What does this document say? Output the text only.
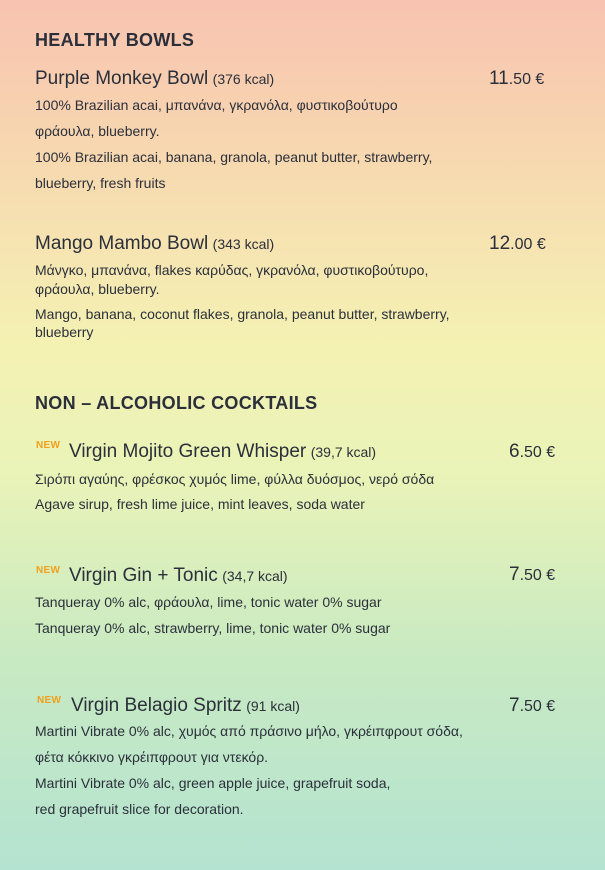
HEALTHY BOWLS
Purple Monkey Bowl (376 kcal)	11.50 €
100% Brazilian acai, μπανάνα, γκρανόλα, φυστικοβούτυρο
φράουλα, blueberry.
100% Brazilian acai, banana, granola, peanut butter, strawberry,
blueberry, fresh fruits
Mango Mambo Bowl (343 kcal)	12.00 €
Μάνγκο, μπανάνα, flakes καρύδας, γκρανόλα, φυστικοβούτυρο,
φράουλα, blueberry.
Mango, banana, coconut flakes, granola, peanut butter, strawberry,
blueberry
NON – ALCOHOLIC COCKTAILS
NEW Virgin Mojito Green Whisper (39,7 kcal)	6.50 €
Σιρόπι αγαύης, φρέσκος χυμός lime, φύλλα δυόσμος, νερό σόδα
Agave sirup, fresh lime juice, mint leaves, soda water
NEW Virgin Gin + Tonic (34,7 kcal)	7.50 €
Tanqueray 0% alc, φράουλα, lime, tonic water 0% sugar
Tanqueray 0% alc, strawberry, lime, tonic water 0% sugar
NEW Virgin Belagio Spritz (91 kcal)	7.50 €
Martini Vibrate 0% alc, χυμός από πράσινο μήλο, γκρέιπφρουτ σόδα,
φέτα κόκκινο γκρέιπφρουτ για ντεκόρ.
Martini Vibrate 0% alc, green apple juice, grapefruit soda,
red grapefruit slice for decoration.
